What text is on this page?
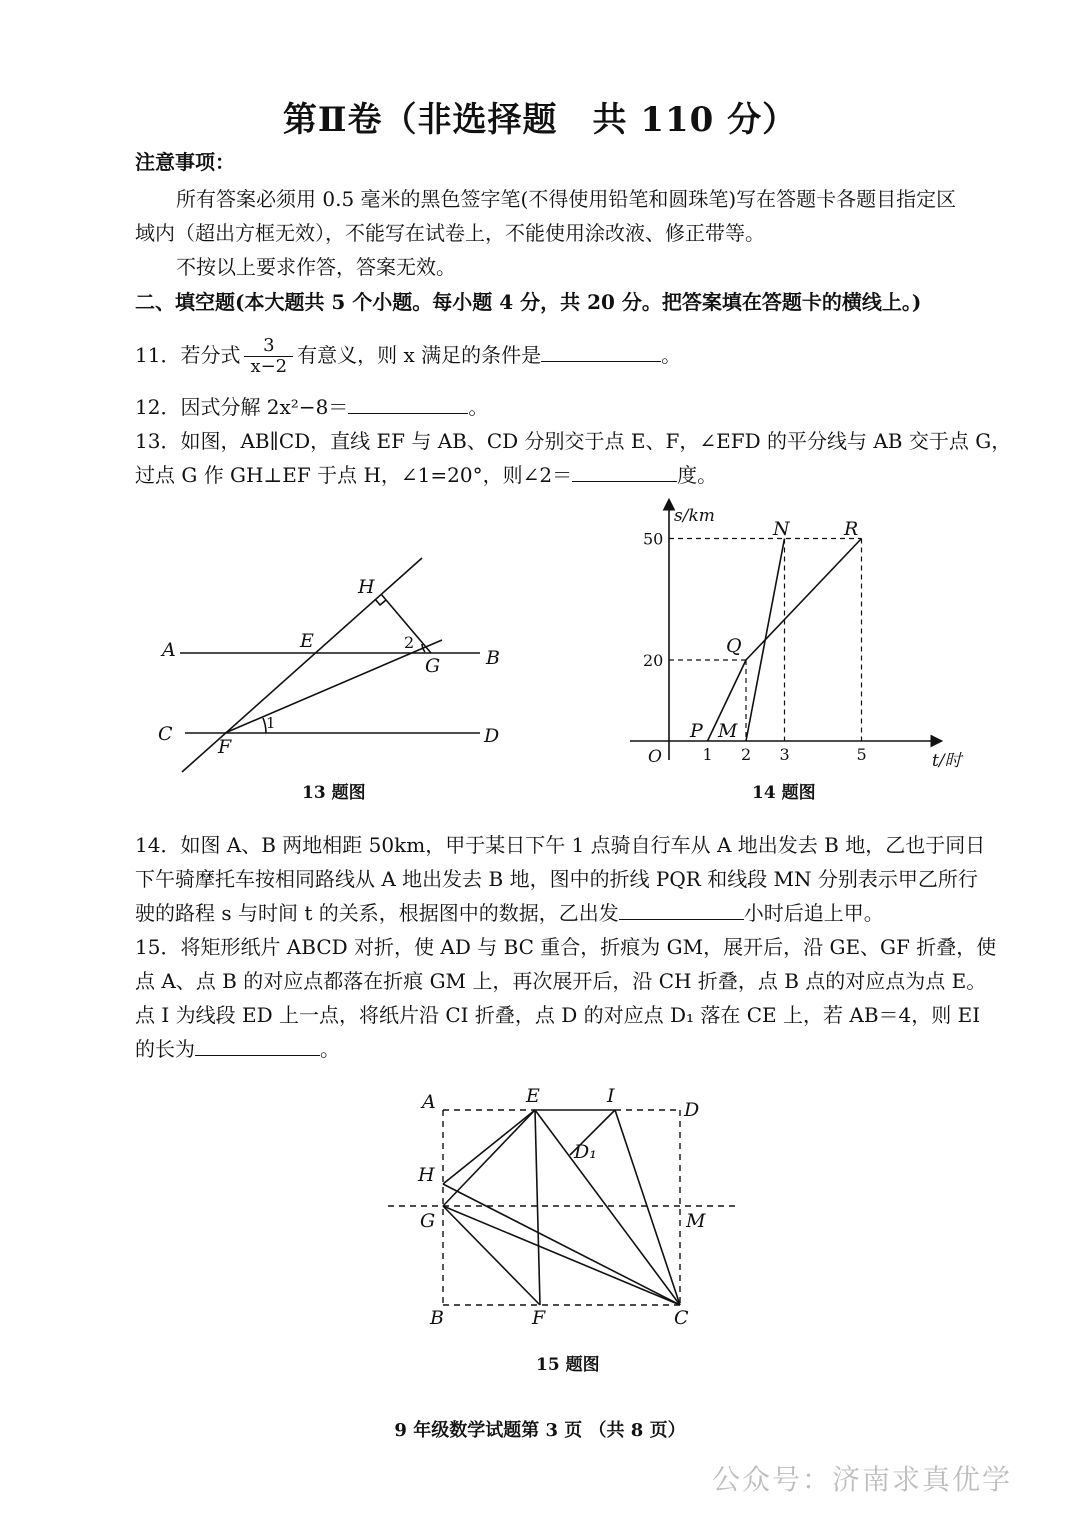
第Ⅱ卷（非选择题　共 110 分）
注意事项：
所有答案必须用 0.5 毫米的黑色签字笔(不得使用铅笔和圆珠笔)写在答题卡各题目指定区
域内（超出方框无效），不能写在试卷上，不能使用涂改液、修正带等。
不按以上要求作答，答案无效。
二、填空题(本大题共 5 个小题。每小题 4 分，共 20 分。把答案填在答题卡的横线上。)
11．若分式 $\frac{3}{x-2}$ 有意义，则 x 满足的条件是	。
12．因式分解 2x²−8＝	。
13．如图，AB∥CD，直线 EF 与 AB、CD 分别交于点 E、F，∠EFD 的平分线与 AB 交于点 G，
过点 G 作 GH⊥EF 于点 H，∠1=20°，则∠2＝	度。
H
A	E	2
G B
C	1
F	D
13 题图
s/km
t/时
O	1 2 3	5
50
20
N	R
Q
P M
14 题图
14．如图 A、B 两地相距 50km，甲于某日下午 1 点骑自行车从 A 地出发去 B 地，乙也于同日
下午骑摩托车按相同路线从 A 地出发去 B 地，图中的折线 PQR 和线段 MN 分别表示甲乙所行
驶的路程 s 与时间 t 的关系，根据图中的数据，乙出发	小时后追上甲。
15．将矩形纸片 ABCD 对折，使 AD 与 BC 重合，折痕为 GM，展开后，沿 GE、GF 折叠，使
点 A、点 B 的对应点都落在折痕 GM 上，再次展开后，沿 CH 折叠，点 B 点的对应点为点 E。
点 I 为线段 ED 上一点，将纸片沿 CI 折叠，点 D 的对应点 D₁ 落在 CE 上，若 AB＝4，则 EI
的长为	。
A	E	I
D
D₁
H
G	M
B	F	C
15 题图
9 年级数学试题第 3 页 （共 8 页）
公众号：济南求真优学
